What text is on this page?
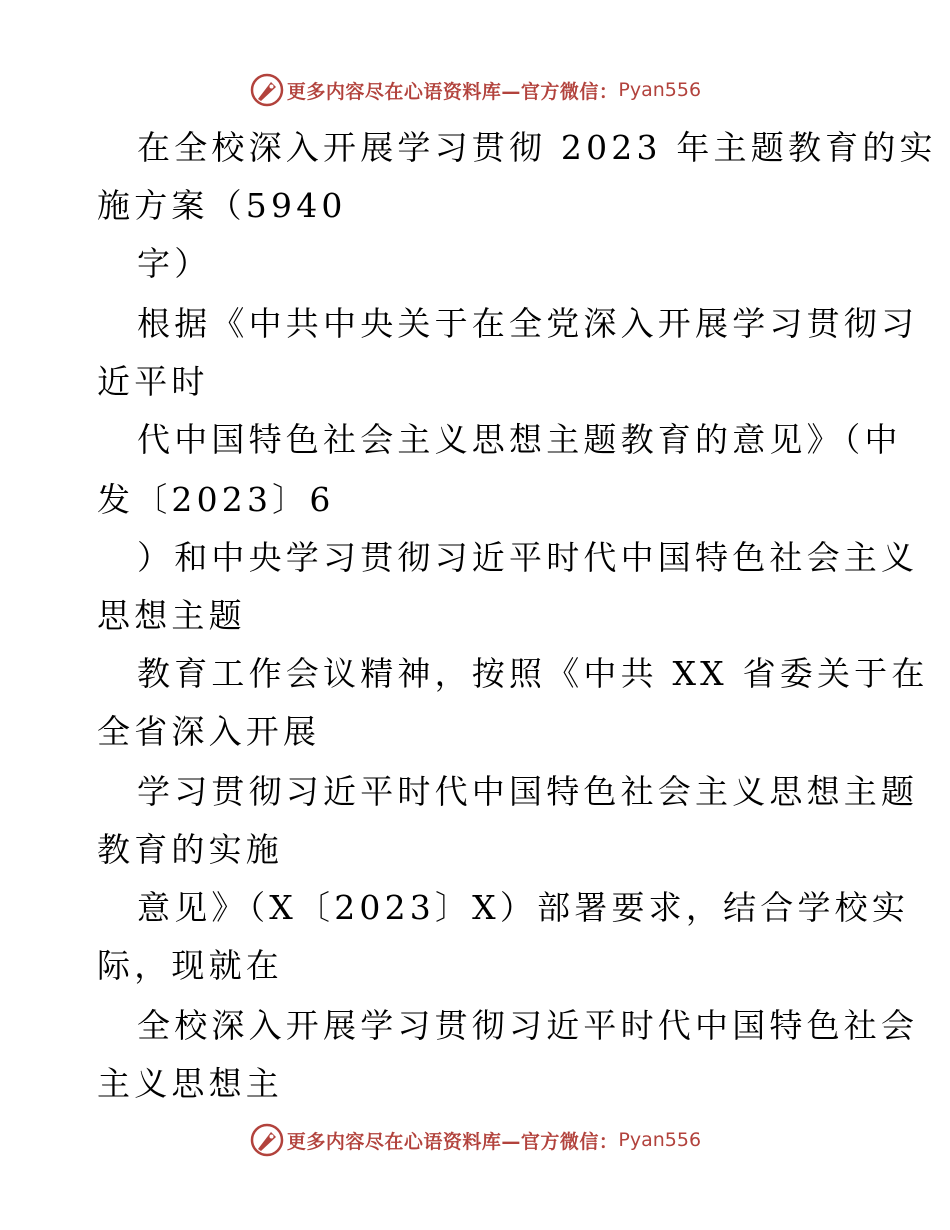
更多内容尽在心语资料库—官方微信： Pyan556
在全校深入开展学习贯彻 2023 年主题教育的实
施方案（5940
字）
根据《中共中央关于在全党深入开展学习贯彻习
近平时
代中国特色社会主义思想主题教育的意见》（中
发〔2023〕6
）和中央学习贯彻习近平时代中国特色社会主义
思想主题
教育工作会议精神，按照《中共 XX 省委关于在
全省深入开展
学习贯彻习近平时代中国特色社会主义思想主题
教育的实施
意见》（X〔2023〕X）部署要求，结合学校实
际，现就在
全校深入开展学习贯彻习近平时代中国特色社会
主义思想主
更多内容尽在心语资料库—官方微信： Pyan556
